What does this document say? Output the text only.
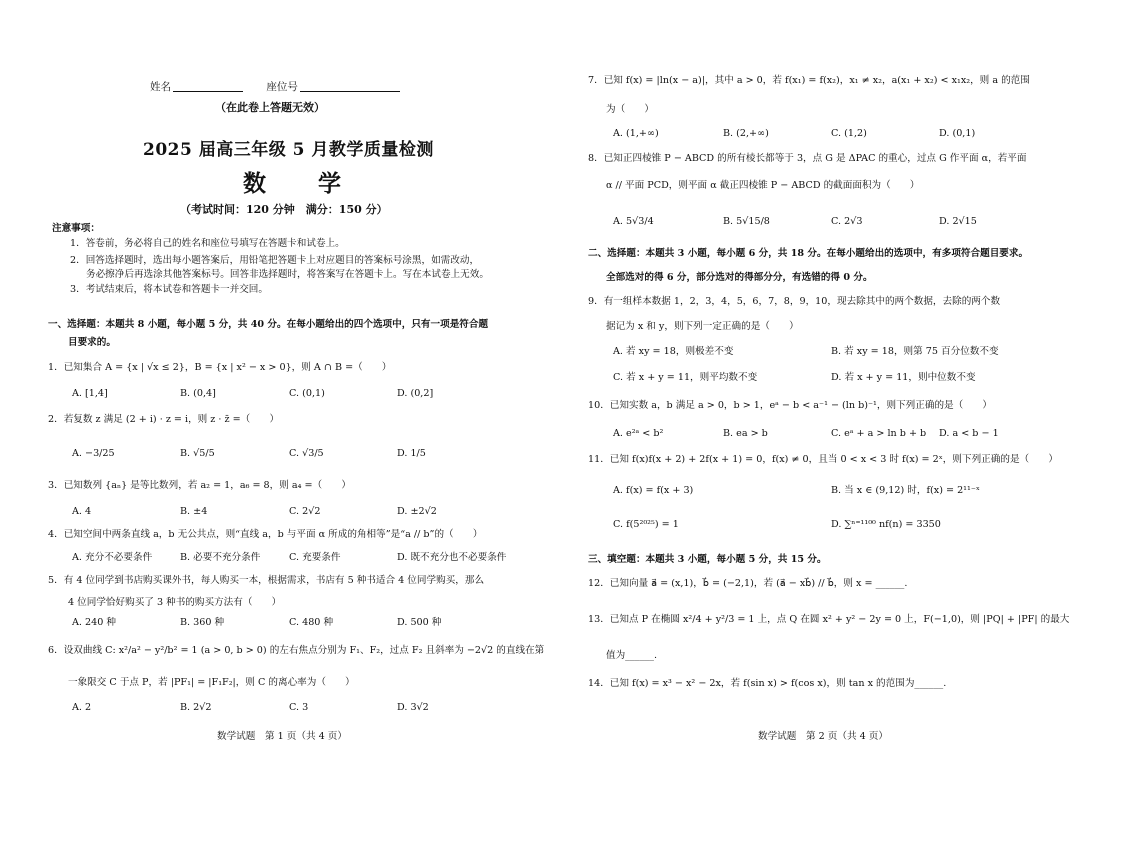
姓名	座位号
（在此卷上答题无效）
2025 届高三年级 5 月教学质量检测
数 学
（考试时间：120 分钟　满分：150 分）
注意事项：
1．答卷前，务必将自己的姓名和座位号填写在答题卡和试卷上。
2．回答选择题时，选出每小题答案后，用铅笔把答题卡上对应题目的答案标号涂黑，如需改动，
务必擦净后再选涂其他答案标号。回答非选择题时，将答案写在答题卡上。写在本试卷上无效。
3．考试结束后，将本试卷和答题卡一并交回。
一、选择题：本题共 8 小题，每小题 5 分，共 40 分。在每小题给出的四个选项中，只有一项是符合题
目要求的。
1．已知集合 A = {x | √x ≤ 2}，B = {x | x² − x > 0}，则 A ∩ B =（　　）
A. [1,4]	B. (0,4]	C. (0,1)	D. (0,2]
2．若复数 z 满足 (2 + i) · z = i，则 z · z̄ =（　　）
A. −3/25	B. √5/5	C. √3/5	D. 1/5
3．已知数列 {aₙ} 是等比数列，若 a₂ = 1，a₆ = 8，则 a₄ =（　　）
A. 4	B. ±4	C. 2√2	D. ±2√2
4．已知空间中两条直线 a，b 无公共点，则“直线 a，b 与平面 α 所成的角相等”是“a // b”的（　　）
A. 充分不必要条件	B. 必要不充分条件	C. 充要条件	D. 既不充分也不必要条件
5．有 4 位同学到书店购买课外书，每人购买一本，根据需求，书店有 5 种书适合 4 位同学购买，那么
4 位同学恰好购买了 3 种书的购买方法有（　　）
A. 240 种	B. 360 种	C. 480 种	D. 500 种
6．设双曲线 C: x²/a² − y²/b² = 1 (a > 0, b > 0) 的左右焦点分别为 F₁、F₂，过点 F₂ 且斜率为 −2√2 的直线在第
一象限交 C 于点 P，若 |PF₁| = |F₁F₂|，则 C 的离心率为（　　）
A. 2	B. 2√2	C. 3	D. 3√2
数学试题　第 1 页（共 4 页）
7．已知 f(x) = |ln(x − a)|，其中 a > 0，若 f(x₁) = f(x₂)，x₁ ≠ x₂，a(x₁ + x₂) < x₁x₂，则 a 的范围
为（　　）
A. (1,+∞)	B. (2,+∞)	C. (1,2)	D. (0,1)
8．已知正四棱锥 P − ABCD 的所有棱长都等于 3，点 G 是 ΔPAC 的重心，过点 G 作平面 α，若平面
α // 平面 PCD，则平面 α 截正四棱锥 P − ABCD 的截面面积为（　　）
A. 5√3/4	B. 5√15/8	C. 2√3	D. 2√15
二、选择题：本题共 3 小题，每小题 6 分，共 18 分。在每小题给出的选项中，有多项符合题目要求。
全部选对的得 6 分，部分选对的得部分分，有选错的得 0 分。
9．有一组样本数据 1，2，3，4，5，6，7，8，9，10，现去除其中的两个数据，去除的两个数
据记为 x 和 y，则下列一定正确的是（　　）
A. 若 xy = 18，则极差不变	B. 若 xy = 18，则第 75 百分位数不变
C. 若 x + y = 11，则平均数不变	D. 若 x + y = 11，则中位数不变
10．已知实数 a，b 满足 a > 0，b > 1，eᵃ − b < a⁻¹ − (ln b)⁻¹，则下列正确的是（　　）
A. e²ᵃ < b²	B. ea > b	C. eᵃ + a > ln b + b D. a < b − 1
11．已知 f(x)f(x + 2) + 2f(x + 1) = 0，f(x) ≠ 0，且当 0 < x < 3 时 f(x) = 2ˣ，则下列正确的是（　　）
A. f(x) = f(x + 3)	B. 当 x ∈ (9,12) 时，f(x) = 2¹¹⁻ˣ
C. f(5²⁰²⁵) = 1	D. ∑ⁿ⁼¹¹⁰⁰ nf(n) = 3350
三、填空题：本题共 3 小题，每小题 5 分，共 15 分。
12．已知向量 a⃗ = (x,1)，b⃗ = (−2,1)，若 (a⃗ − xb⃗) // b⃗，则 x = ______.
13．已知点 P 在椭圆 x²/4 + y²/3 = 1 上，点 Q 在圆 x² + y² − 2y = 0 上，F(−1,0)，则 |PQ| + |PF| 的最大
值为______.
14．已知 f(x) = x³ − x² − 2x，若 f(sin x) > f(cos x)，则 tan x 的范围为______.
数学试题　第 2 页（共 4 页）
